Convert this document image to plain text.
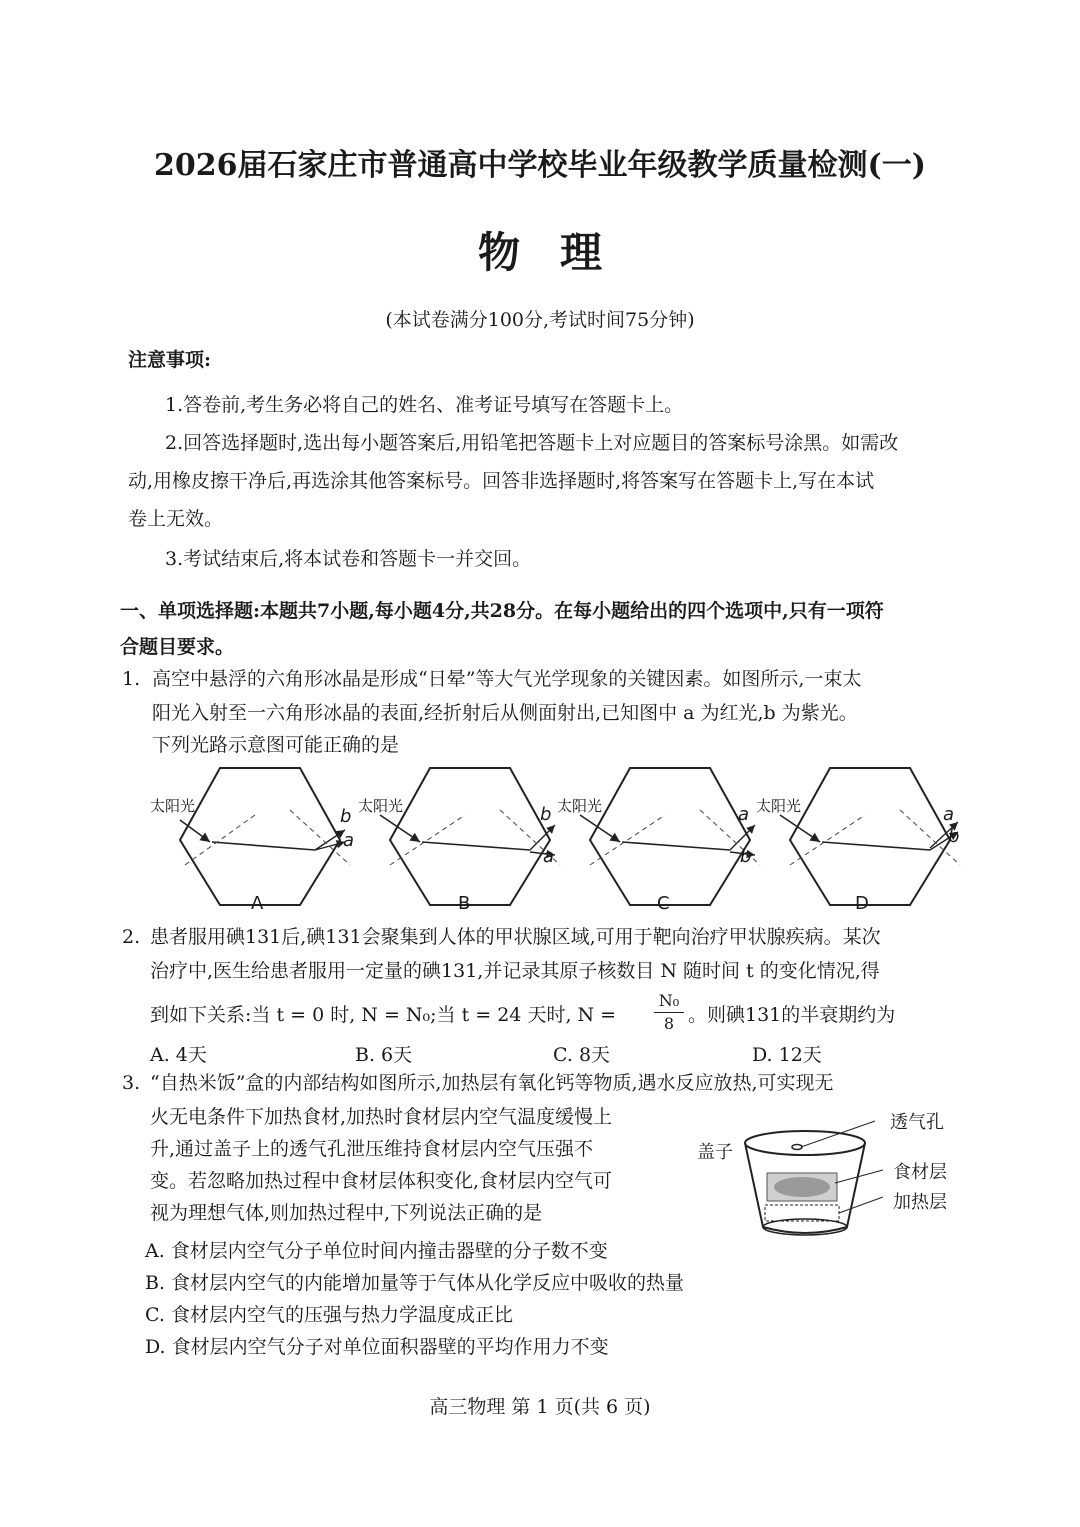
2026届石家庄市普通高中学校毕业年级教学质量检测(一)
物理
(本试卷满分100分,考试时间75分钟)
注意事项:
1.答卷前,考生务必将自己的姓名、准考证号填写在答题卡上。
2.回答选择题时,选出每小题答案后,用铅笔把答题卡上对应题目的答案标号涂黑。如需改
动,用橡皮擦干净后,再选涂其他答案标号。回答非选择题时,将答案写在答题卡上,写在本试
卷上无效。
3.考试结束后,将本试卷和答题卡一并交回。
一、单项选择题:本题共7小题,每小题4分,共28分。在每小题给出的四个选项中,只有一项符
合题目要求。
1. 高空中悬浮的六角形冰晶是形成“日晕”等大气光学现象的关键因素。如图所示,一束太
阳光入射至一六角形冰晶的表面,经折射后从侧面射出,已知图中 a 为红光,b 为紫光。
下列光路示意图可能正确的是
太阳光	太阳光	太阳光	太阳光
b
a
b
a
a
b
a
b
A	B	C	D
2. 患者服用碘131后,碘131会聚集到人体的甲状腺区域,可用于靶向治疗甲状腺疾病。某次
治疗中,医生给患者服用一定量的碘131,并记录其原子核数目 N 随时间 t 的变化情况,得
到如下关系:当 t = 0 时, N = N₀;当 t = 24 天时, $N = \frac{\text{N₀}}{8}$ 。则碘131的半衰期约为
A. 4天	B. 6天	C. 8天	D. 12天
3. “自热米饭”盒的内部结构如图所示,加热层有氧化钙等物质,遇水反应放热,可实现无
火无电条件下加热食材,加热时食材层内空气温度缓慢上
升,通过盖子上的透气孔泄压维持食材层内空气压强不
变。若忽略加热过程中食材层体积变化,食材层内空气可
视为理想气体,则加热过程中,下列说法正确的是
透气孔
盖子
食材层
加热层
A. 食材层内空气分子单位时间内撞击器壁的分子数不变
B. 食材层内空气的内能增加量等于气体从化学反应中吸收的热量
C. 食材层内空气的压强与热力学温度成正比
D. 食材层内空气分子对单位面积器壁的平均作用力不变
高三物理 第 1 页(共 6 页)
